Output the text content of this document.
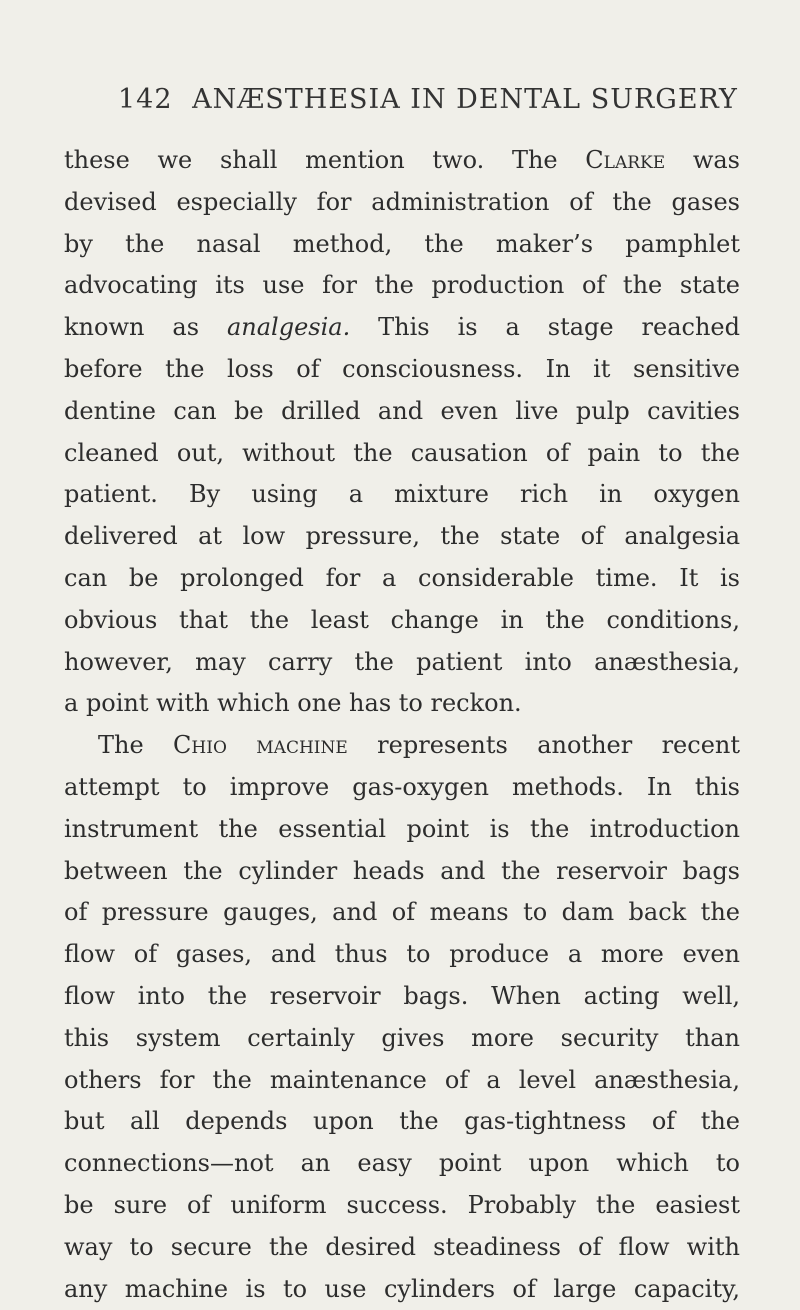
142 ANÆSTHESIA IN DENTAL SURGERY
these we shall mention two. The Clarke was
devised especially for administration of the gases
by the nasal method, the maker’s pamphlet
advocating its use for the production of the state
known as analgesia. This is a stage reached
before the loss of consciousness. In it sensitive
dentine can be drilled and even live pulp cavities
cleaned out, without the causation of pain to the
patient. By using a mixture rich in oxygen
delivered at low pressure, the state of analgesia
can be prolonged for a considerable time. It is
obvious that the least change in the conditions,
however, may carry the patient into anæsthesia,
a point with which one has to reckon.
The Chio machine represents another recent
attempt to improve gas-oxygen methods. In this
instrument the essential point is the introduction
between the cylinder heads and the reservoir bags
of pressure gauges, and of means to dam back the
flow of gases, and thus to produce a more even
flow into the reservoir bags. When acting well,
this system certainly gives more security than
others for the maintenance of a level anæsthesia,
but all depends upon the gas-tightness of the
connections—not an easy point upon which to
be sure of uniform success. Probably the easiest
way to secure the desired steadiness of flow with
any machine is to use cylinders of large capacity,
